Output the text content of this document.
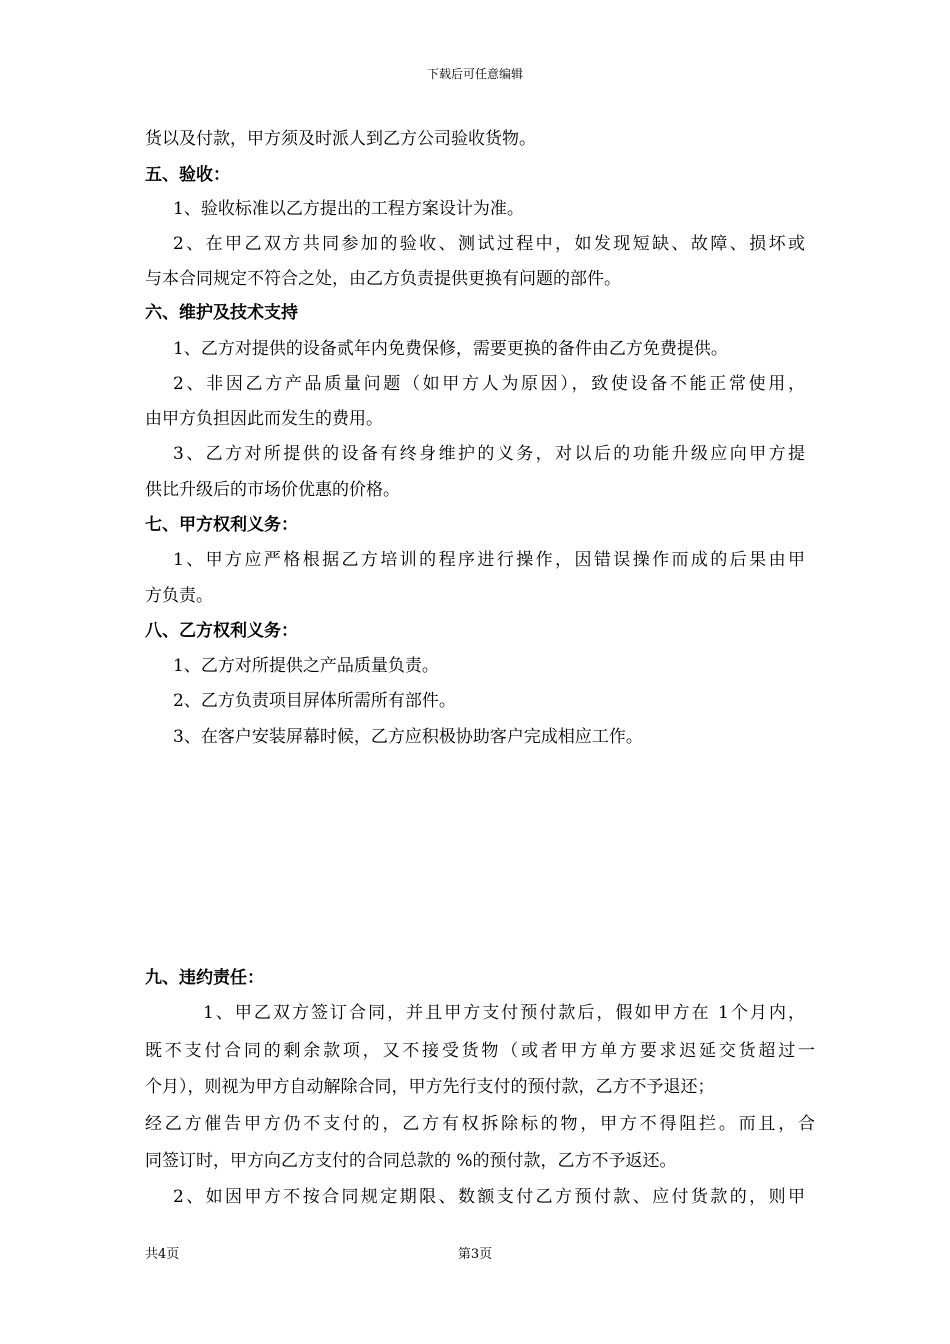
下载后可任意编辑
货以及付款，甲方须及时派人到乙方公司验收货物。
五、验收：
1、验收标准以乙方提出的工程方案设计为准。
2、在甲乙双方共同参加的验收、测试过程中，如发现短缺、故障、损坏或
与本合同规定不符合之处，由乙方负责提供更换有问题的部件。
六、维护及技术支持
1、乙方对提供的设备贰年内免费保修，需要更换的备件由乙方免费提供。
2、非因乙方产品质量问题（如甲方人为原因），致使设备不能正常使用，
由甲方负担因此而发生的费用。
3、乙方对所提供的设备有终身维护的义务，对以后的功能升级应向甲方提
供比升级后的市场价优惠的价格。
七、甲方权利义务：
1、甲方应严格根据乙方培训的程序进行操作，因错误操作而成的后果由甲
方负责。
八、乙方权利义务：
1、乙方对所提供之产品质量负责。
2、乙方负责项目屏体所需所有部件。
3、在客户安装屏幕时候，乙方应积极协助客户完成相应工作。
九、违约责任：
1、甲乙双方签订合同，并且甲方支付预付款后，假如甲方在 1个月内，
既不支付合同的剩余款项，又不接受货物（或者甲方单方要求迟延交货超过一
个月），则视为甲方自动解除合同，甲方先行支付的预付款，乙方不予退还；
经乙方催告甲方仍不支付的，乙方有权拆除标的物，甲方不得阻拦。而且，合
同签订时，甲方向乙方支付的合同总款的 %的预付款，乙方不予返还。
2、如因甲方不按合同规定期限、数额支付乙方预付款、应付货款的，则甲
共4页	第3页
